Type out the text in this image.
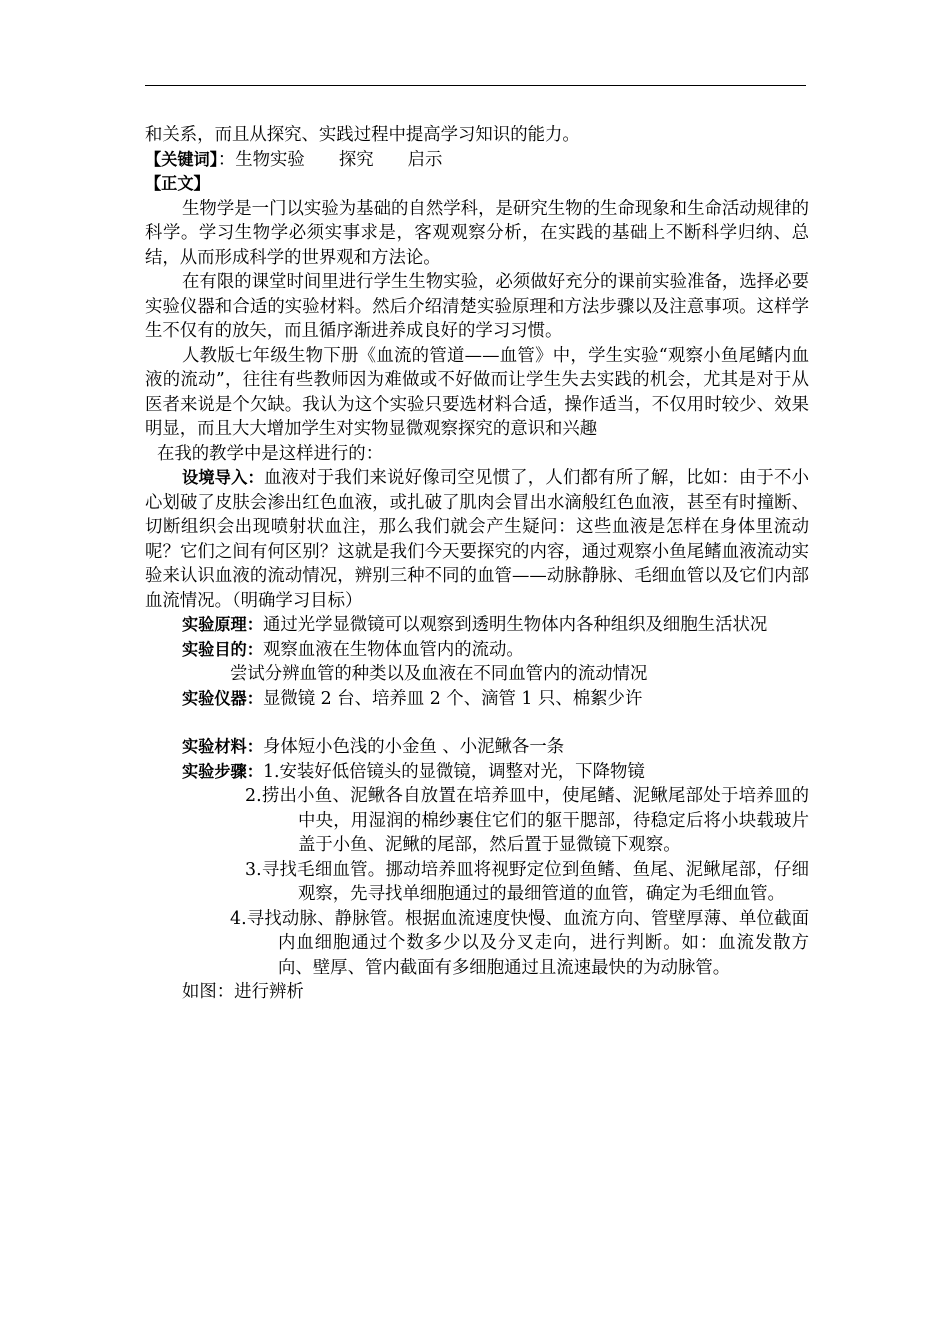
和关系，而且从探究、实践过程中提高学习知识的能力。

【关键词】：生物实验 探究 启示

【正文】

生物学是一门以实验为基础的自然学科，是研究生物的生命现象和生命活动规律的科学。学习生物学必须实事求是，客观观察分析，在实践的基础上不断科学归纳、总结，从而形成科学的世界观和方法论。

在有限的课堂时间里进行学生生物实验，必须做好充分的课前实验准备，选择必要实验仪器和合适的实验材料。然后介绍清楚实验原理和方法步骤以及注意事项。这样学生不仅有的放矢，而且循序渐进养成良好的学习习惯。

人教版七年级生物下册《血流的管道——血管》中，学生实验“观察小鱼尾鳍内血液的流动”，往往有些教师因为难做或不好做而让学生失去实践的机会，尤其是对于从医者来说是个欠缺。我认为这个实验只要选材料合适，操作适当，不仅用时较少、效果明显，而且大大增加学生对实物显微观察探究的意识和兴趣

在我的教学中是这样进行的：

设境导入：血液对于我们来说好像司空见惯了，人们都有所了解，比如：由于不小心划破了皮肤会渗出红色血液，或扎破了肌肉会冒出水滴般红色血液，甚至有时撞断、切断组织会出现喷射状血注，那么我们就会产生疑问：这些血液是怎样在身体里流动呢？它们之间有何区别？这就是我们今天要探究的内容，通过观察小鱼尾鳍血液流动实验来认识血液的流动情况，辨别三种不同的血管——动脉静脉、毛细血管以及它们内部血流情况。（明确学习目标）

实验原理：通过光学显微镜可以观察到透明生物体内各种组织及细胞生活状况

实验目的：观察血液在生物体血管内的流动。

尝试分辨血管的种类以及血液在不同血管内的流动情况

实验仪器：显微镜 2 台、培养皿 2 个、滴管 1 只、棉絮少许

实验材料：身体短小色浅的小金鱼 、小泥鳅各一条

实验步骤：1.安装好低倍镜头的显微镜，调整对光，下降物镜

2.捞出小鱼、泥鳅各自放置在培养皿中，使尾鳍、泥鳅尾部处于培养皿的中央，用湿润的棉纱裹住它们的躯干腮部，待稳定后将小块载玻片盖于小鱼、泥鳅的尾部，然后置于显微镜下观察。

3.寻找毛细血管。挪动培养皿将视野定位到鱼鳍、鱼尾、泥鳅尾部，仔细观察，先寻找单细胞通过的最细管道的血管，确定为毛细血管。

4.寻找动脉、静脉管。根据血流速度快慢、血流方向、管壁厚薄、单位截面内血细胞通过个数多少以及分叉走向，进行判断。如：血流发散方向、壁厚、管内截面有多细胞通过且流速最快的为动脉管。

如图：进行辨析
